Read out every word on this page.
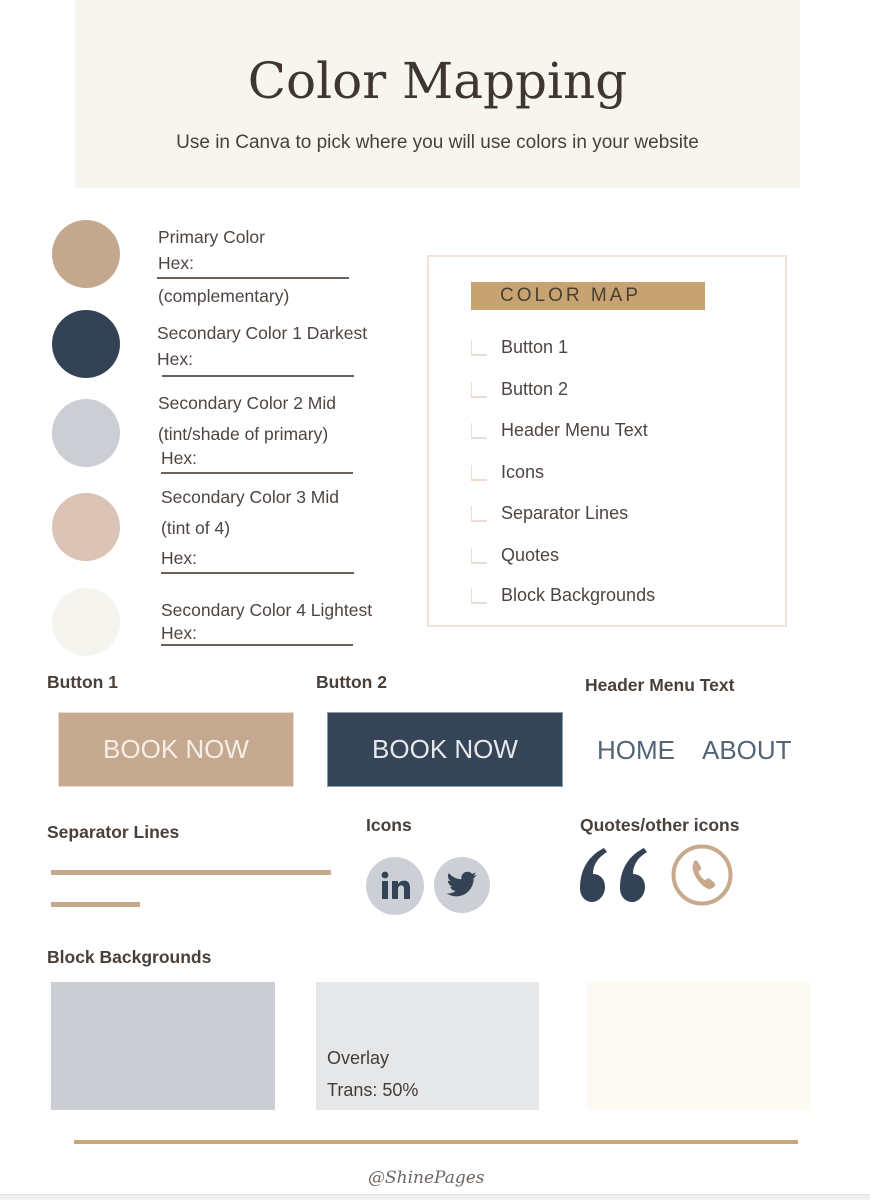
Color Mapping
Use in Canva to pick where you will use colors in your website
Primary Color
Hex:
(complementary)
Secondary Color 1 Darkest
Hex:
Secondary Color 2 Mid
(tint/shade of primary)
Hex:
Secondary Color 3 Mid
(tint of 4)
Hex:
Secondary Color 4 Lightest
Hex:
COLOR MAP
Button 1
Button 2
Header Menu Text
Icons
Separator Lines
Quotes
Block Backgrounds
Button 1	Button 2	Header Menu Text
BOOK NOW	BOOK NOW	HOME ABOUT
Separator Lines	Icons	Quotes/other icons
Block Backgrounds
Overlay
Trans: 50%
@ShinePages
